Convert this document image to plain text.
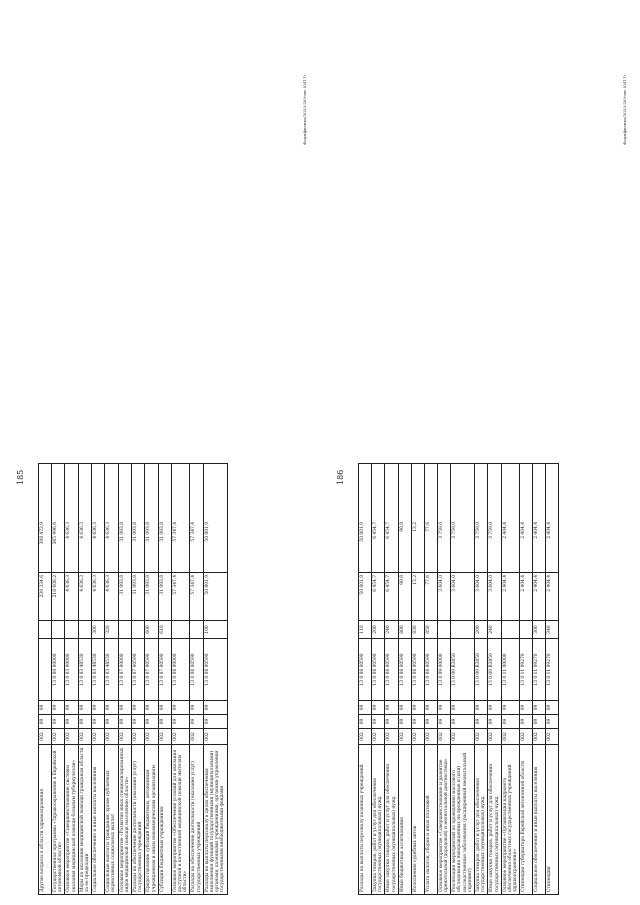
185
Другие вопросы в области здравоохранения
002
09
09
239 334,6
398 472,9
Государственная программа «Здравоохранение в Еврейской автономной области»
002
09
09
13 0 00 00000
218 608,2
365 996,6
Основное мероприятие «Совершенствование системы оказания медицинской помощи больным туберкулезом»
002
09
09
13 0 03 00000
4 636,3
4 636,3
Меры по оказанию медицинской помощи гражданам области за ее пределами
002
09
09
13 0 03 48530
4 636,3
4 636,3
Социальное обеспечение и иные выплаты населению
002
09
09
13 0 03 48530
300
4 636,3
4 636,3
Социальные выплаты гражданам, кроме публичных нормативных социальных выплат
002
09
09
13 0 03 48530
320
4 636,3
4 636,3
Основное мероприятие «Развитие иных специализированных видов медицинской помощи населению области»
002
09
09
13 0 07 00000
31 093,8
31 093,8
Расходы на обеспечение деятельности (оказание услуг) государственных учреждений
002
09
09
13 0 07 00590
31 093,8
31 093,8
Предоставление субсидий бюджетным, автономным учреждениям и иным некоммерческим организациям
002
09
09
13 0 07 00590
600
31 093,8
31 093,8
Субсидии бюджетным учреждениям
002
09
09
13 0 07 00590
610
31 093,8
31 093,8
Основное мероприятие «Обеспечение условий для оказания доступной и качественной медицинской помощи жителям области»
002
09
09
13 0 08 00000
57 347,4
57 347,4
Расходы на обеспечение деятельности (оказание услуг) государственных учреждений
002
09
09
13 0 08 00590
57 347,4
57 347,4
Расходы на выплаты персоналу в целях обеспечения выполнения функций государственными (муниципальными) органами, казенными учреждениями, органами управления государственными внебюджетными фондами
002
09
09
13 0 08 00590
100
50 801,9
50 801,9
Фаджфизика/2023-209-ню (0411)
186
Расходы на выплаты персоналу казенных учреждений
002
09
09
13 0 08 00590
110
50 801,9
50 801,9
Закупка товаров, работ и услуг для обеспечения государственных (муниципальных) нужд
002
09
09
13 0 08 00590
200
6 454,7
6 454,7
Иные закупки товаров, работ и услуг для обеспечения государственных (муниципальных) нужд
002
09
09
13 0 08 00590
240
6 454,7
6 454,7
Иные бюджетные ассигнования
002
09
09
13 0 08 00590
800
90,8
90,8
Исполнение судебных актов
002
09
09
13 0 08 00590
830
13,2
13,2
Уплата налогов, сборов и иных платежей
002
09
09
13 0 08 00590
850
77,6
77,6
Основное мероприятие «Совершенствование и развитие пренатальной (дородовой) и неонатальной диагностики»
002
09
09
13 0 09 00000
3 604,0
3 759,0
Реализация мероприятий по проведению массового обследования новорожденных на врожденные и (или) наследственные заболевания (расширенный неонатальный скрининг)
002
09
09
13 0 09 R3850
3 604,0
3 759,0
Закупка товаров, работ и услуг для обеспечения государственных (муниципальных) нужд
002
09
09
13 0 09 R3850
200
3 604,0
3 759,0
Иные закупки товаров, работ и услуг для обеспечения государственных (муниципальных) нужд
002
09
09
13 0 09 R3850
240
3 604,0
3 759,0
Основное мероприятие «Организация кадрового обеспечения областных государственных учреждений здравоохранения»
002
09
09
13 0 11 00000
2 404,4
2 404,4
Стипендия губернатора Еврейской автономной области
002
09
09
13 0 11 09270
2 404,4
2 404,4
Социальное обеспечение и иные выплаты населению
002
09
09
13 0 11 09270
300
2 404,4
2 404,4
Стипендии
002
09
09
13 0 11 09270
340
2 404,4
2 404,4
Фаджфизика/2023-209-ню (0411)
